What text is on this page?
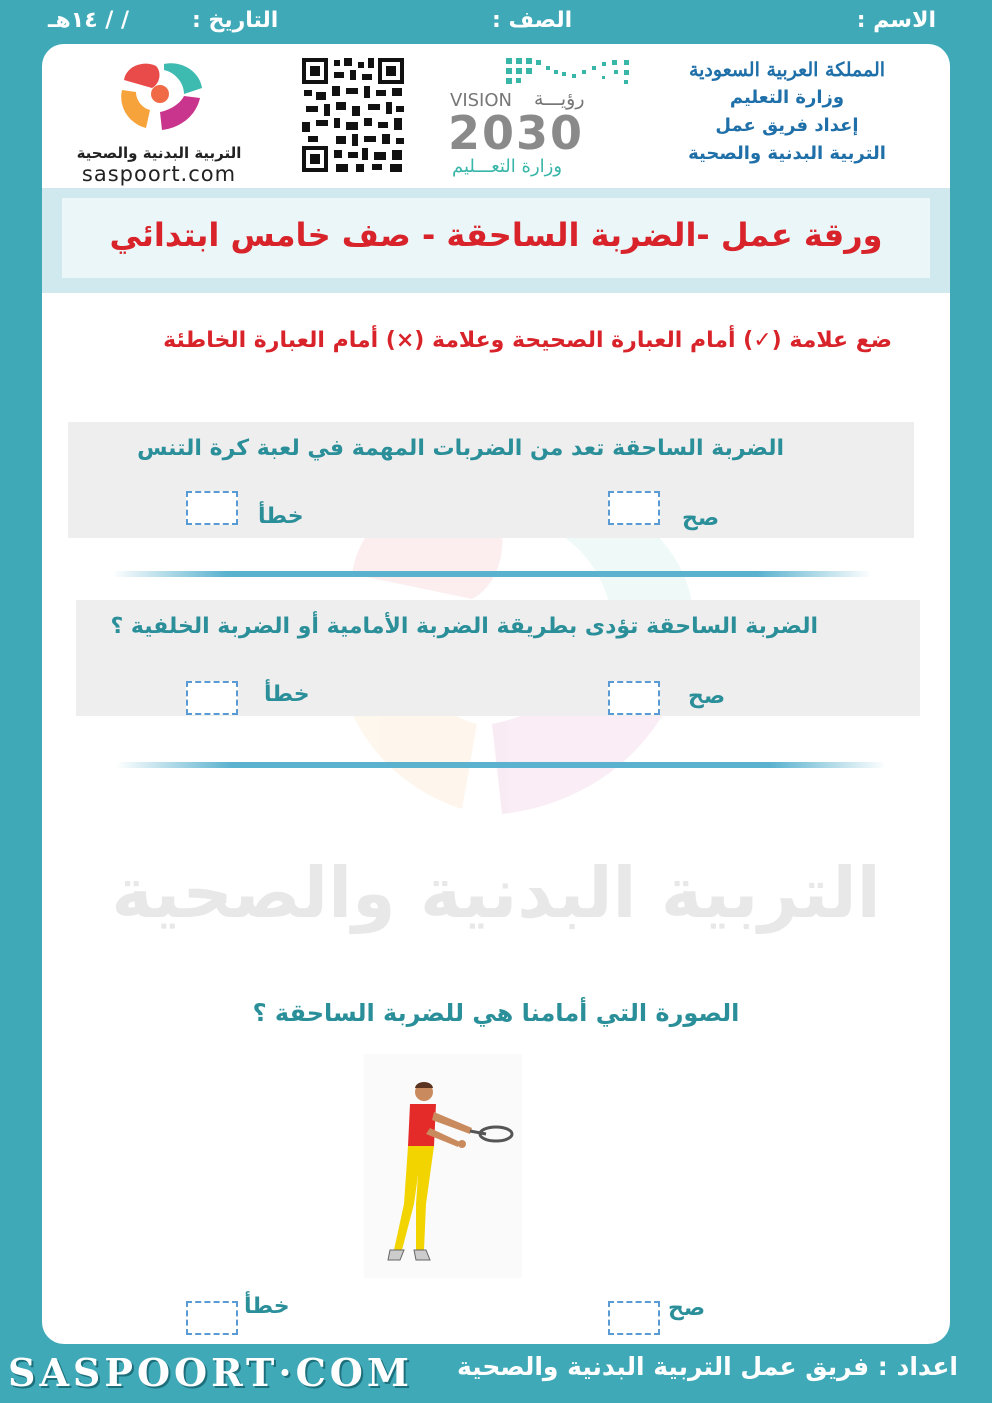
الاسم :
الصف :
التاريخ :
/ / ١٤هـ
المملكة العربية السعودية
وزارة التعليم
إعداد فريق عمل
التربية البدنية والصحية
VISION رؤيـــة
2030
وزارة التعـــليم
التربية البدنية والصحية
saspoort.com
ورقة عمل -الضربة الساحقة - صف خامس ابتدائي
التربية البدنية والصحية
ضع علامة (✓) أمام العبارة الصحيحة وعلامة (×) أمام العبارة الخاطئة
الضربة الساحقة تعد من الضربات المهمة في لعبة كرة التنس
صح
خطأ
الضربة الساحقة تؤدى بطريقة الضربة الأمامية أو الضربة الخلفية ؟
صح
خطأ
الصورة التي أمامنا هي للضربة الساحقة ؟
صح
خطأ
اعداد : فريق عمل التربية البدنية والصحية
SASPOORT·COM
